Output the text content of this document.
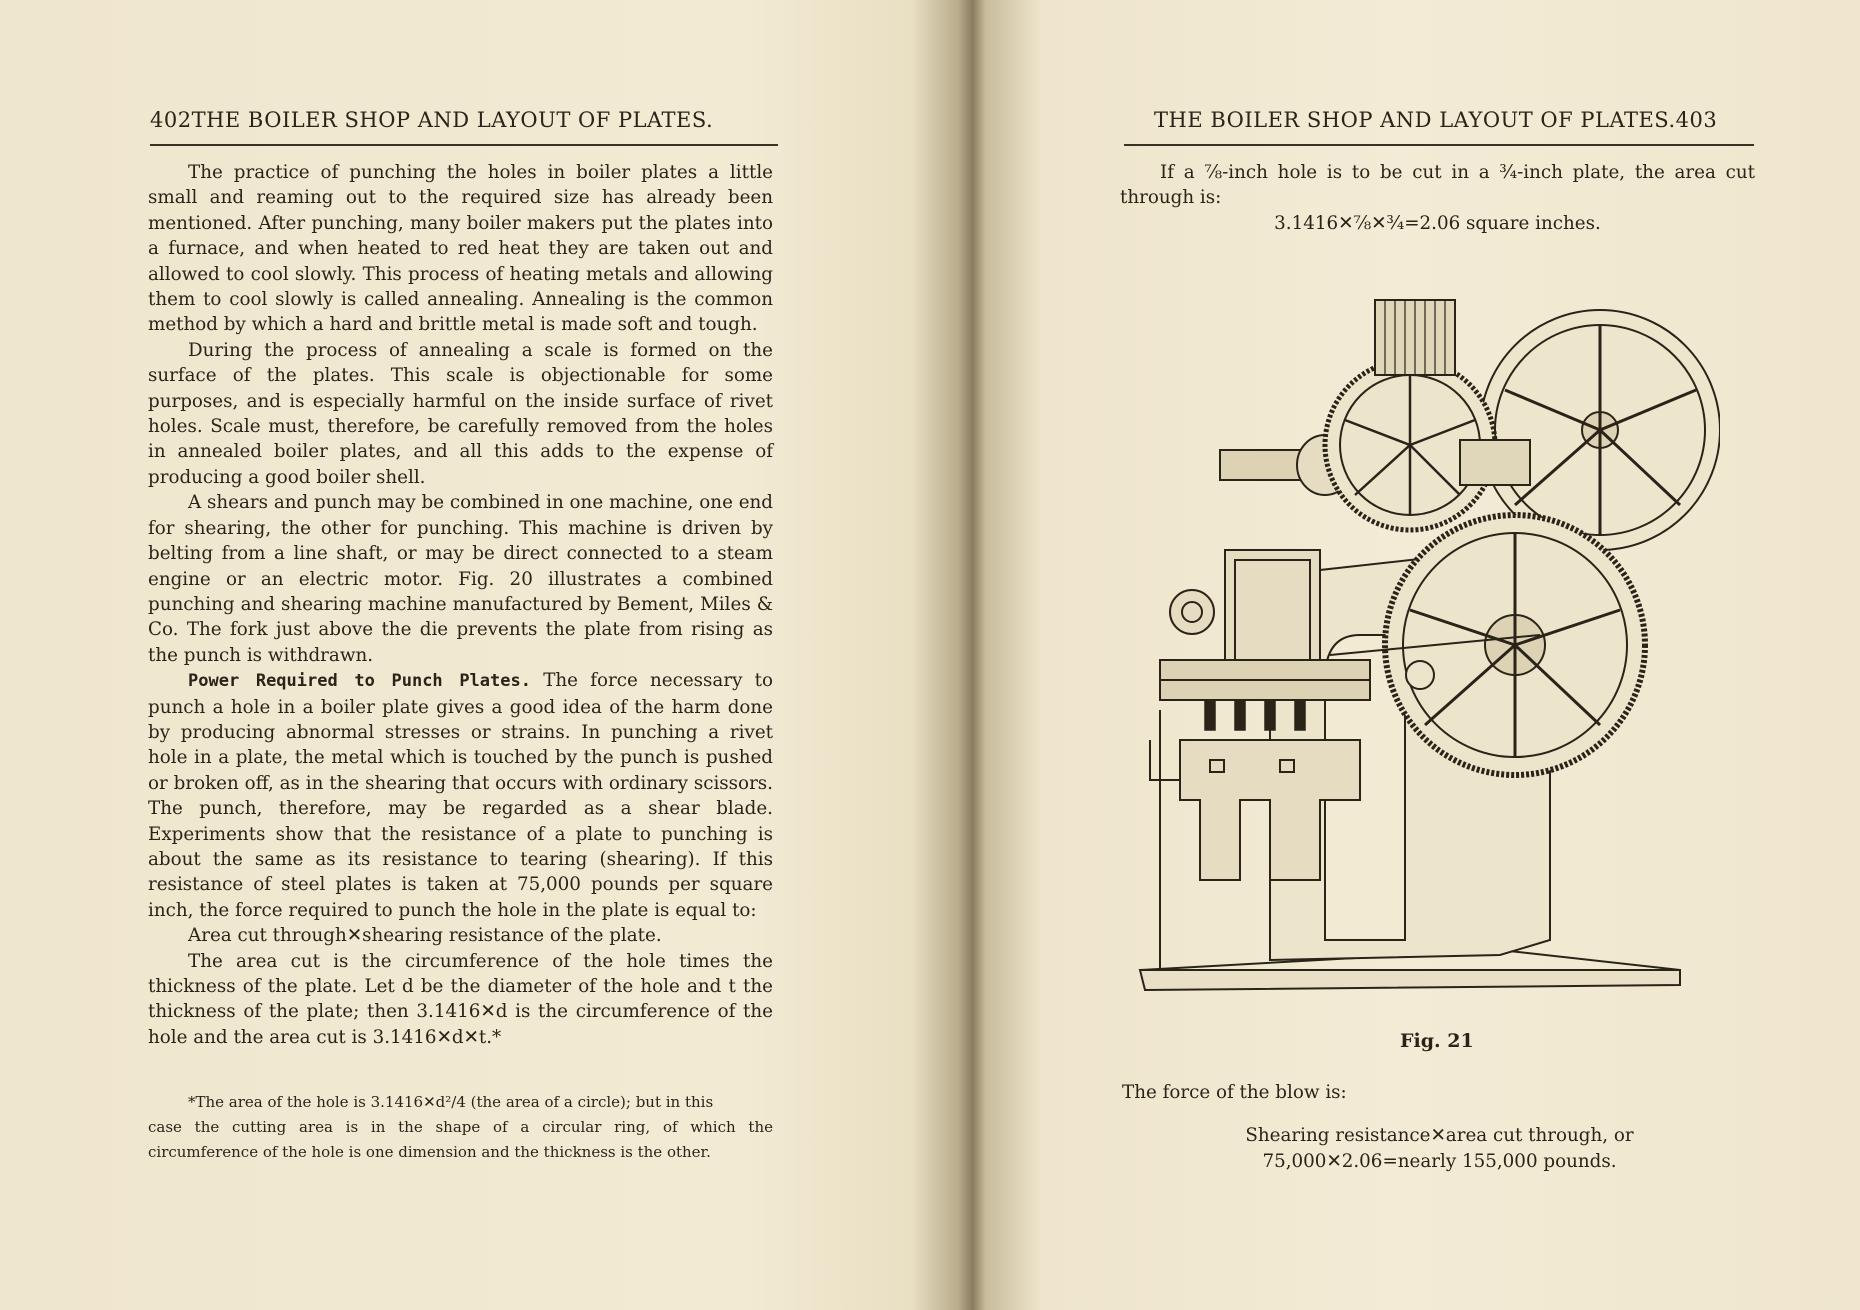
402THE BOILER SHOP AND LAYOUT OF PLATES.

The practice of punching the holes in boiler plates a little small and reaming out to the required size has already been mentioned. After punching, many boiler makers put the plates into a furnace, and when heated to red heat they are taken out and allowed to cool slowly. This process of heating metals and allowing them to cool slowly is called annealing. Annealing is the common method by which a hard and brittle metal is made soft and tough.

During the process of annealing a scale is formed on the surface of the plates. This scale is objectionable for some purposes, and is especially harmful on the inside surface of rivet holes. Scale must, therefore, be carefully removed from the holes in annealed boiler plates, and all this adds to the expense of producing a good boiler shell.

A shears and punch may be combined in one machine, one end for shearing, the other for punching. This machine is driven by belting from a line shaft, or may be direct connected to a steam engine or an electric motor. Fig. 20 illustrates a combined punching and shearing machine manufactured by Bement, Miles & Co. The fork just above the die prevents the plate from rising as the punch is withdrawn.

Power Required to Punch Plates. The force necessary to punch a hole in a boiler plate gives a good idea of the harm done by producing abnormal stresses or strains. In punching a rivet hole in a plate, the metal which is touched by the punch is pushed or broken off, as in the shearing that occurs with ordinary scissors. The punch, therefore, may be regarded as a shear blade. Experiments show that the resistance of a plate to punching is about the same as its resistance to tearing (shearing). If this resistance of steel plates is taken at 75,000 pounds per square inch, the force required to punch the hole in the plate is equal to:

Area cut through✕shearing resistance of the plate.

The area cut is the circumference of the hole times the thickness of the plate. Let d be the diameter of the hole and t the thickness of the plate; then 3.1416✕d is the circumference of the hole and the area cut is 3.1416✕d✕t.*

*The area of the hole is 3.1416✕d²/4 (the area of a circle); but in this

case the cutting area is in the shape of a circular ring, of which the circumference of the hole is one dimension and the thickness is the other.

THE BOILER SHOP AND LAYOUT OF PLATES.403

If a ⅞-inch hole is to be cut in a ¾-inch plate, the area cut through is:

3.1416✕⅞✕¾=2.06 square inches.

Fig. 21

The force of the blow is:

Shearing resistance✕area cut through, or

75,000✕2.06=nearly 155,000 pounds.
